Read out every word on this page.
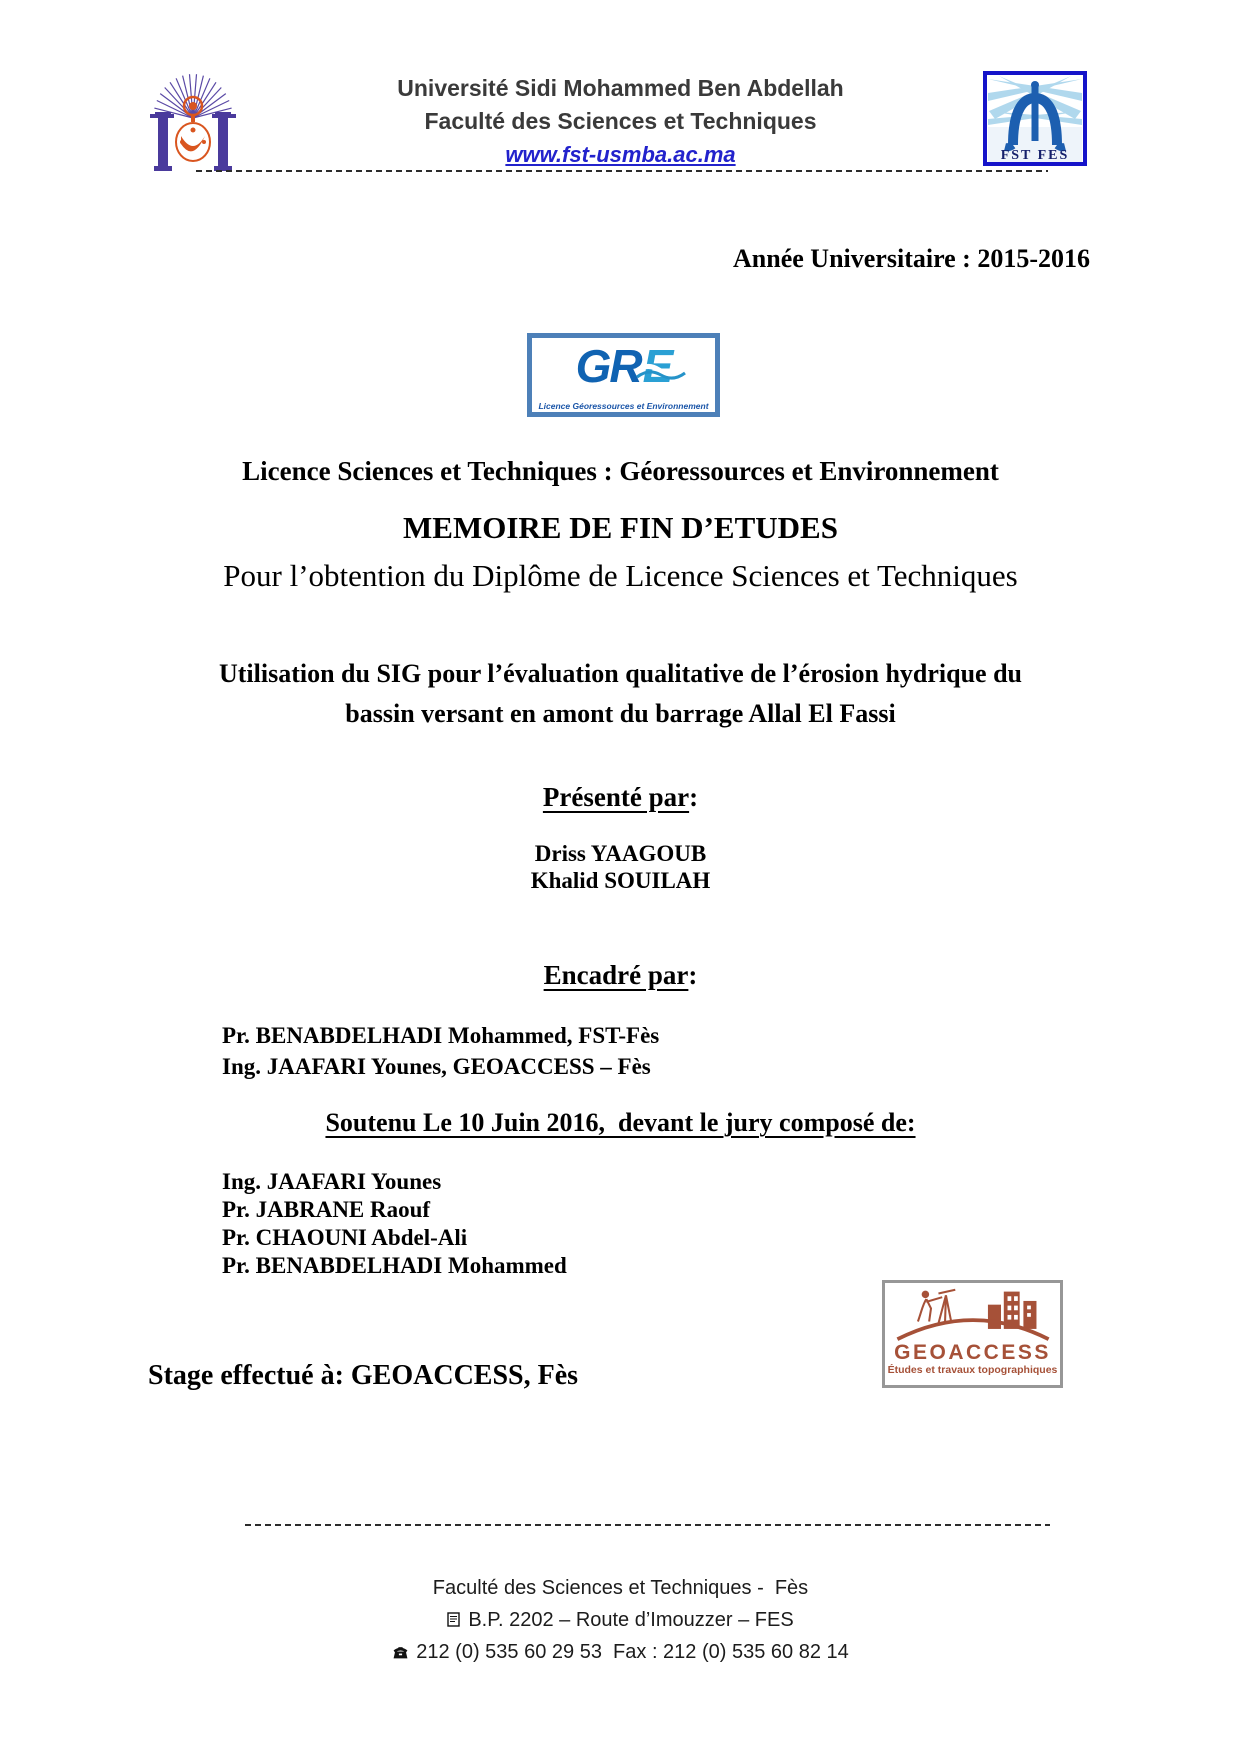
Université Sidi Mohammed Ben Abdellah
Faculté des Sciences et Techniques
www.fst-usmba.ac.ma	FST FES
Année Universitaire : 2015-2016
GR E
Licence Géoressources et Environnement
Licence Sciences et Techniques : Géoressources et Environnement
MEMOIRE DE FIN D’ETUDES
Pour l’obtention du Diplôme de Licence Sciences et Techniques
Utilisation du SIG pour l’évaluation qualitative de l’érosion hydrique du
bassin versant en amont du barrage Allal El Fassi
Présenté par:
Driss YAAGOUB
Khalid SOUILAH
Encadré par:
Pr. BENABDELHADI Mohammed, FST-Fès
Ing. JAAFARI Younes, GEOACCESS – Fès
Soutenu Le 10 Juin 2016,  devant le jury composé de:
Ing. JAAFARI Younes
Pr. JABRANE Raouf
Pr. CHAOUNI Abdel-Ali
Pr. BENABDELHADI Mohammed
GEOACCESS
Études et travaux topographiques
Stage effectué à: GEOACCESS, Fès
Faculté des Sciences et Techniques -  Fès
B.P. 2202 – Route d’Imouzzer – FES
212 (0) 535 60 29 53  Fax : 212 (0) 535 60 82 14
